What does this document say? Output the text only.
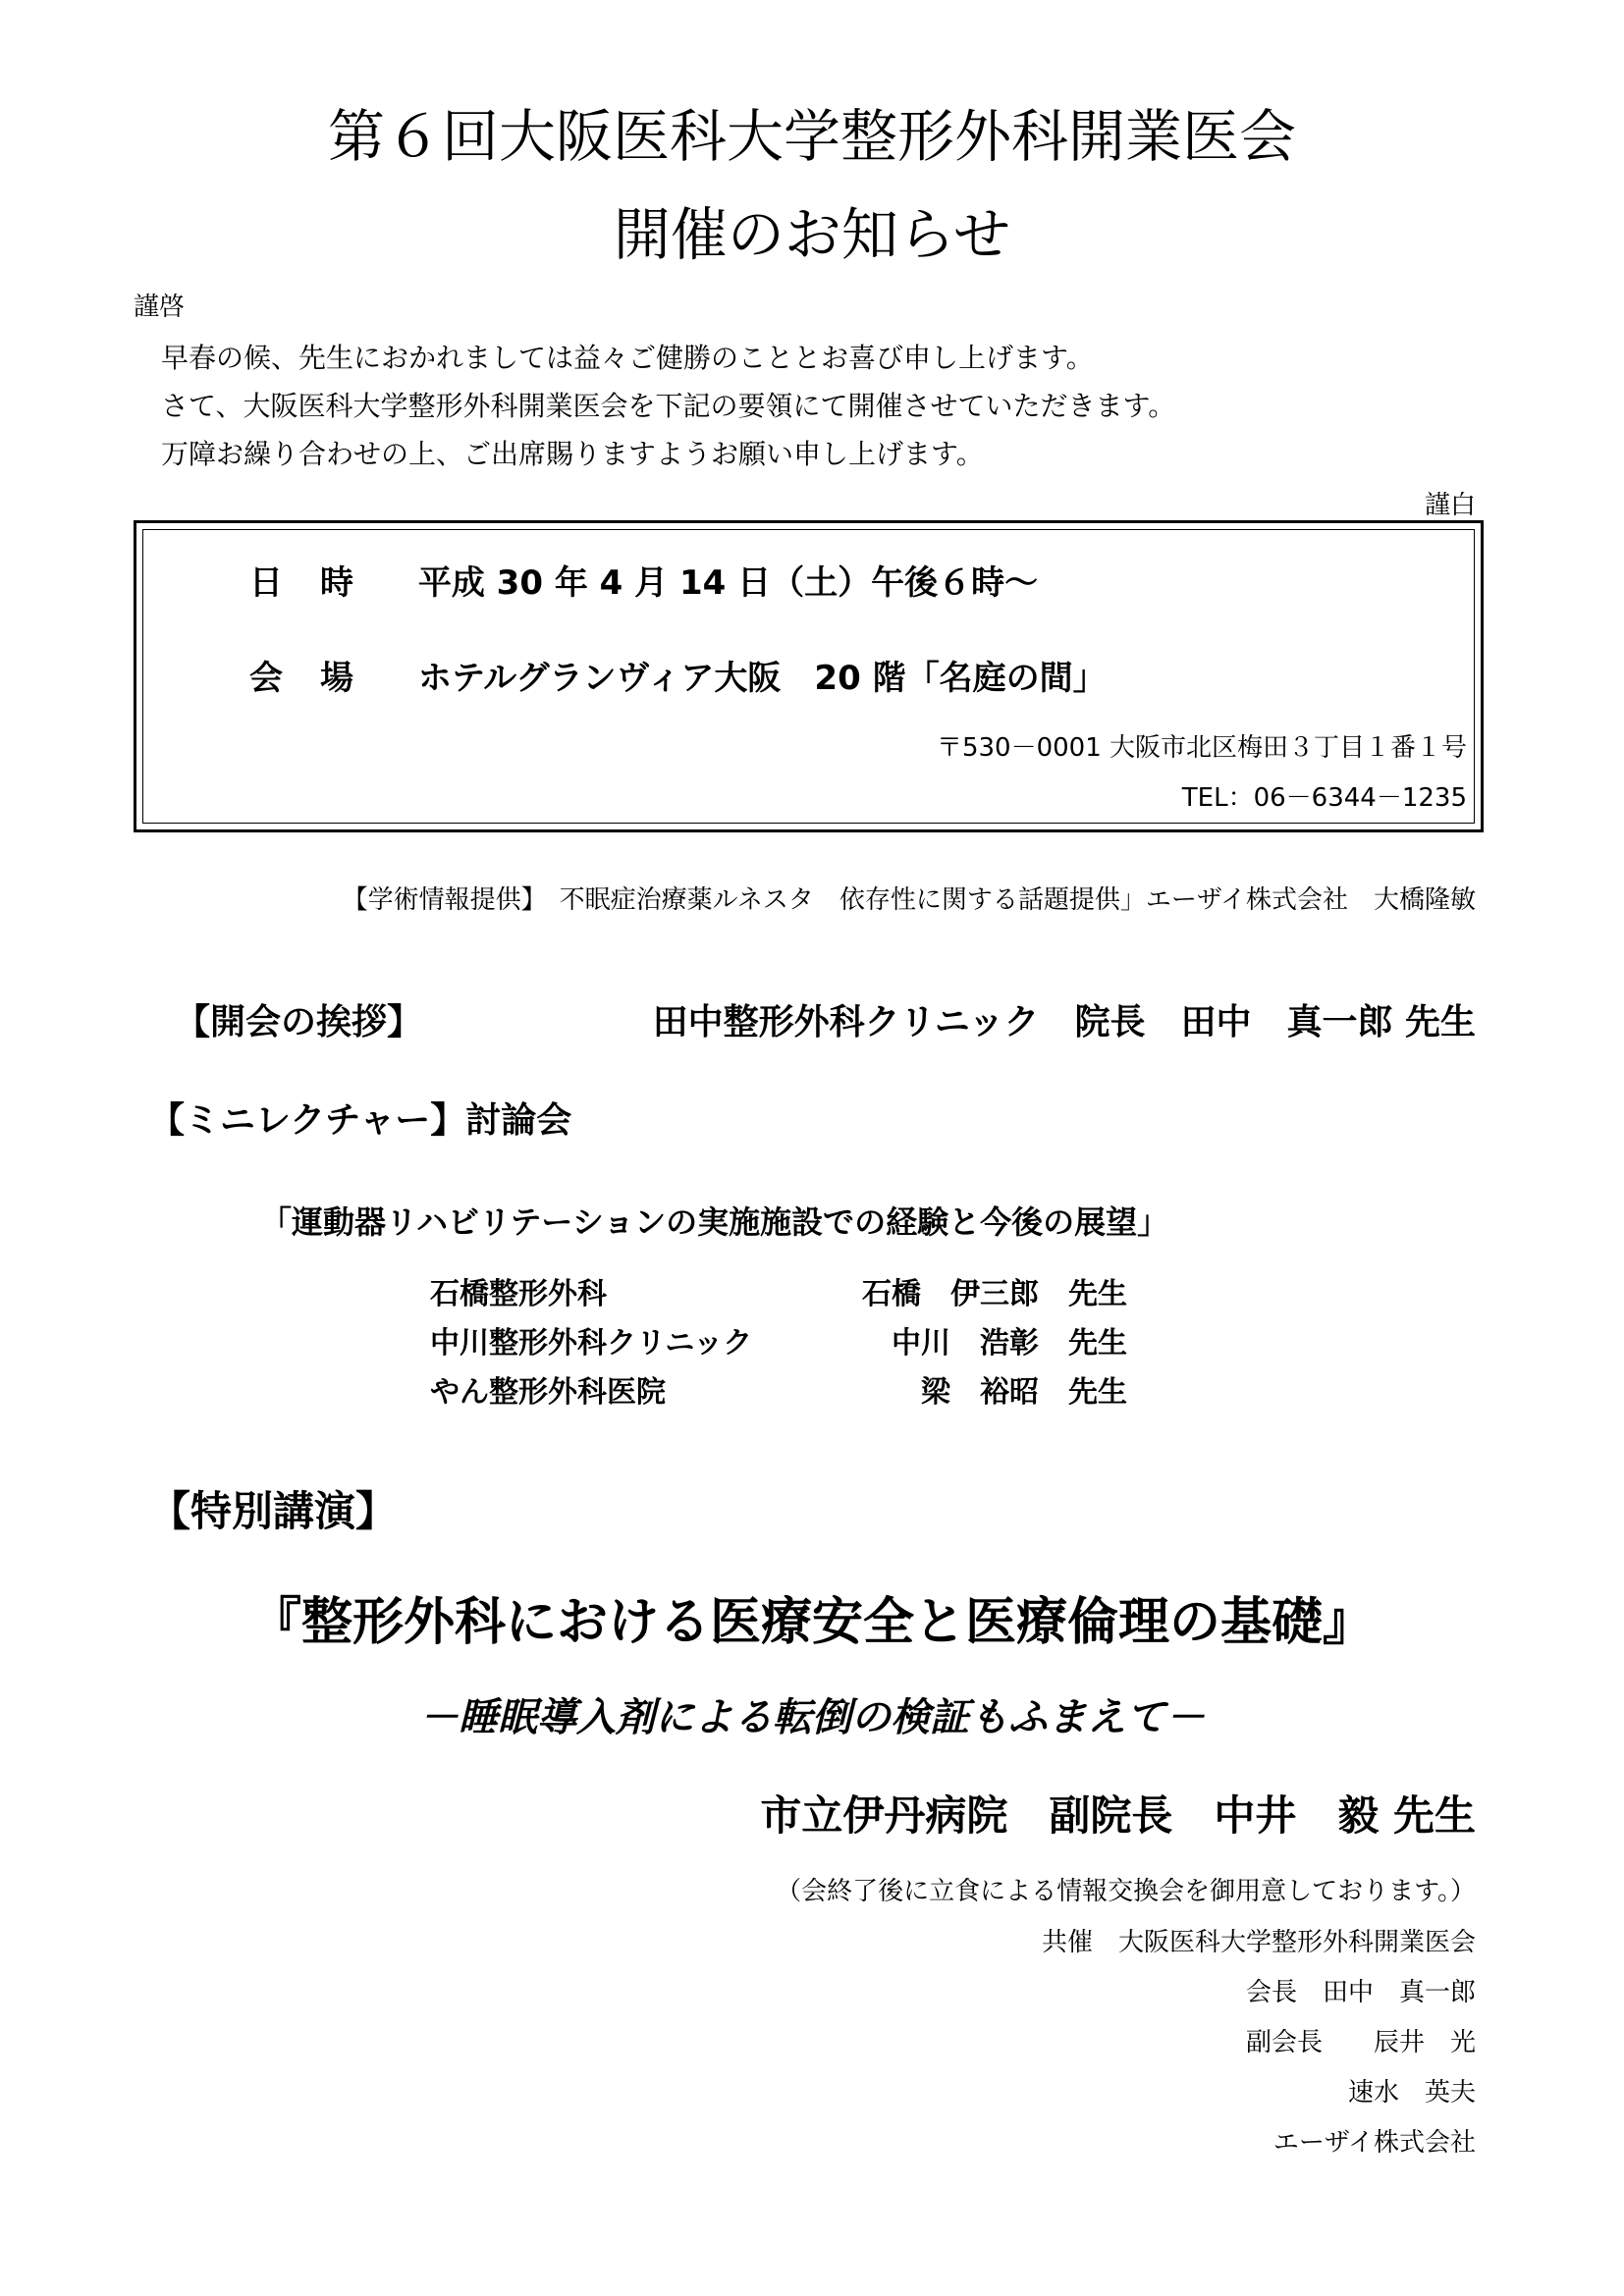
第６回大阪医科大学整形外科開業医会
開催のお知らせ
謹啓
早春の候、先生におかれましては益々ご健勝のこととお喜び申し上げます。
さて、大阪医科大学整形外科開業医会を下記の要領にて開催させていただきます。
万障お繰り合わせの上、ご出席賜りますようお願い申し上げます。
謹白
日　時 平成 30 年 4 月 14 日（土）午後６時～
会　場 ホテルグランヴィア大阪　20 階「名庭の間」
〒530－0001 大阪市北区梅田３丁目１番１号
TEL：06－6344－1235
【学術情報提供】　不眠症治療薬ルネスタ　依存性に関する話題提供」エーザイ株式会社　大橋隆敏
【開会の挨拶】	田中整形外科クリニック　院長　田中　真一郎 先生
【ミニレクチャー】討論会
「運動器リハビリテーションの実施施設での経験と今後の展望」
石橋整形外科	石橋　伊三郎　先生
中川整形外科クリニック	中川　浩彰　先生
やん整形外科医院	梁　裕昭　先生
【特別講演】
『整形外科における医療安全と医療倫理の基礎』
－睡眠導入剤による転倒の検証もふまえて－
市立伊丹病院　副院長　中井　毅 先生
（会終了後に立食による情報交換会を御用意しております。）
共催　大阪医科大学整形外科開業医会
会長　田中　真一郎
副会長　　辰井　光
速水　英夫
エーザイ株式会社
